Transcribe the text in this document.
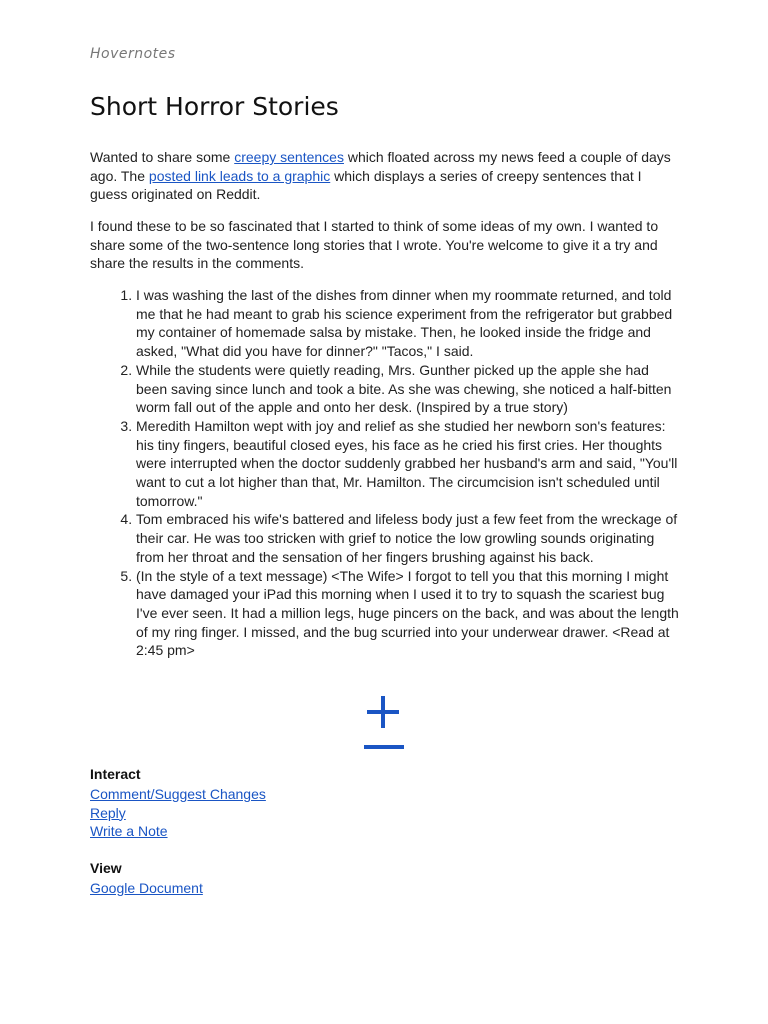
Hovernotes
Short Horror Stories

Wanted to share some creepy sentences which floated across my news feed a couple of days ago. The posted link leads to a graphic which displays a series of creepy sentences that I guess originated on Reddit.

I found these to be so fascinated that I started to think of some ideas of my own. I wanted to share some of the two-sentence long stories that I wrote. You're welcome to give it a try and share the results in the comments.

1. I was washing the last of the dishes from dinner when my roommate returned, and told me that he had meant to grab his science experiment from the refrigerator but grabbed my container of homemade salsa by mistake. Then, he looked inside the fridge and asked, "What did you have for dinner?" "Tacos," I said.
2. While the students were quietly reading, Mrs. Gunther picked up the apple she had been saving since lunch and took a bite. As she was chewing, she noticed a half-bitten worm fall out of the apple and onto her desk. (Inspired by a true story)
3. Meredith Hamilton wept with joy and relief as she studied her newborn son's features: his tiny fingers, beautiful closed eyes, his face as he cried his first cries. Her thoughts were interrupted when the doctor suddenly grabbed her husband's arm and said, "You'll want to cut a lot higher than that, Mr. Hamilton. The circumcision isn't scheduled until tomorrow."
4. Tom embraced his wife's battered and lifeless body just a few feet from the wreckage of their car. He was too stricken with grief to notice the low growling sounds originating from her throat and the sensation of her fingers brushing against his back.
5. (In the style of a text message) <The Wife> I forgot to tell you that this morning I might have damaged your iPad this morning when I used it to try to squash the scariest bug I've ever seen. It had a million legs, huge pincers on the back, and was about the length of my ring finger. I missed, and the bug scurried into your underwear drawer. <Read at 2:45 pm>
Interact
Comment/Suggest Changes
Reply
Write a Note
View
Google Document
